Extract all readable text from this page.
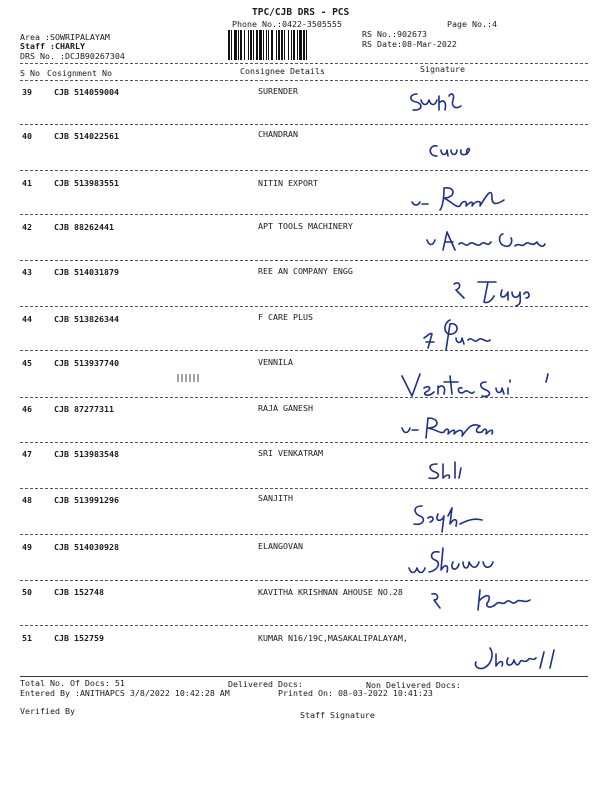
TPC/CJB DRS - PCS
Phone No.:0422-3505555	Page No.:4
Area :SOWRIPALAYAM
Staff :CHARLY
DRS No. :DCJB90267304
RS No.:902673
RS Date:08-Mar-2022
S No Cosignment No	Consignee Details	Signature
39	CJB 514059004	SURENDER
40	CJB 514022561	CHANDRAN
41	CJB 513983551	NITIN EXPORT
42	CJB 88262441	APT TOOLS MACHINERY
43	CJB 514031879	REE AN COMPANY ENGG
44	CJB 513826344	F CARE PLUS
45	CJB 513937740	VENNILA
46	CJB 87277311	RAJA GANESH
47	CJB 513983548	SRI VENKATRAM
48	CJB 513991296	SANJITH
49	CJB 514030928	ELANGOVAN
50	CJB 152748	KAVITHA KRISHNAN AHOUSE NO.28
51	CJB 152759	KUMAR N16/19C,MASAKALIPALAYAM,
Total No. Of Docs: 51	Delivered Docs:	Non Delivered Docs:
Entered By :ANITHAPCS 3/8/2022 10:42:28 AM	Printed On: 08-03-2022 10:41:23
Verified By	Staff Signature
